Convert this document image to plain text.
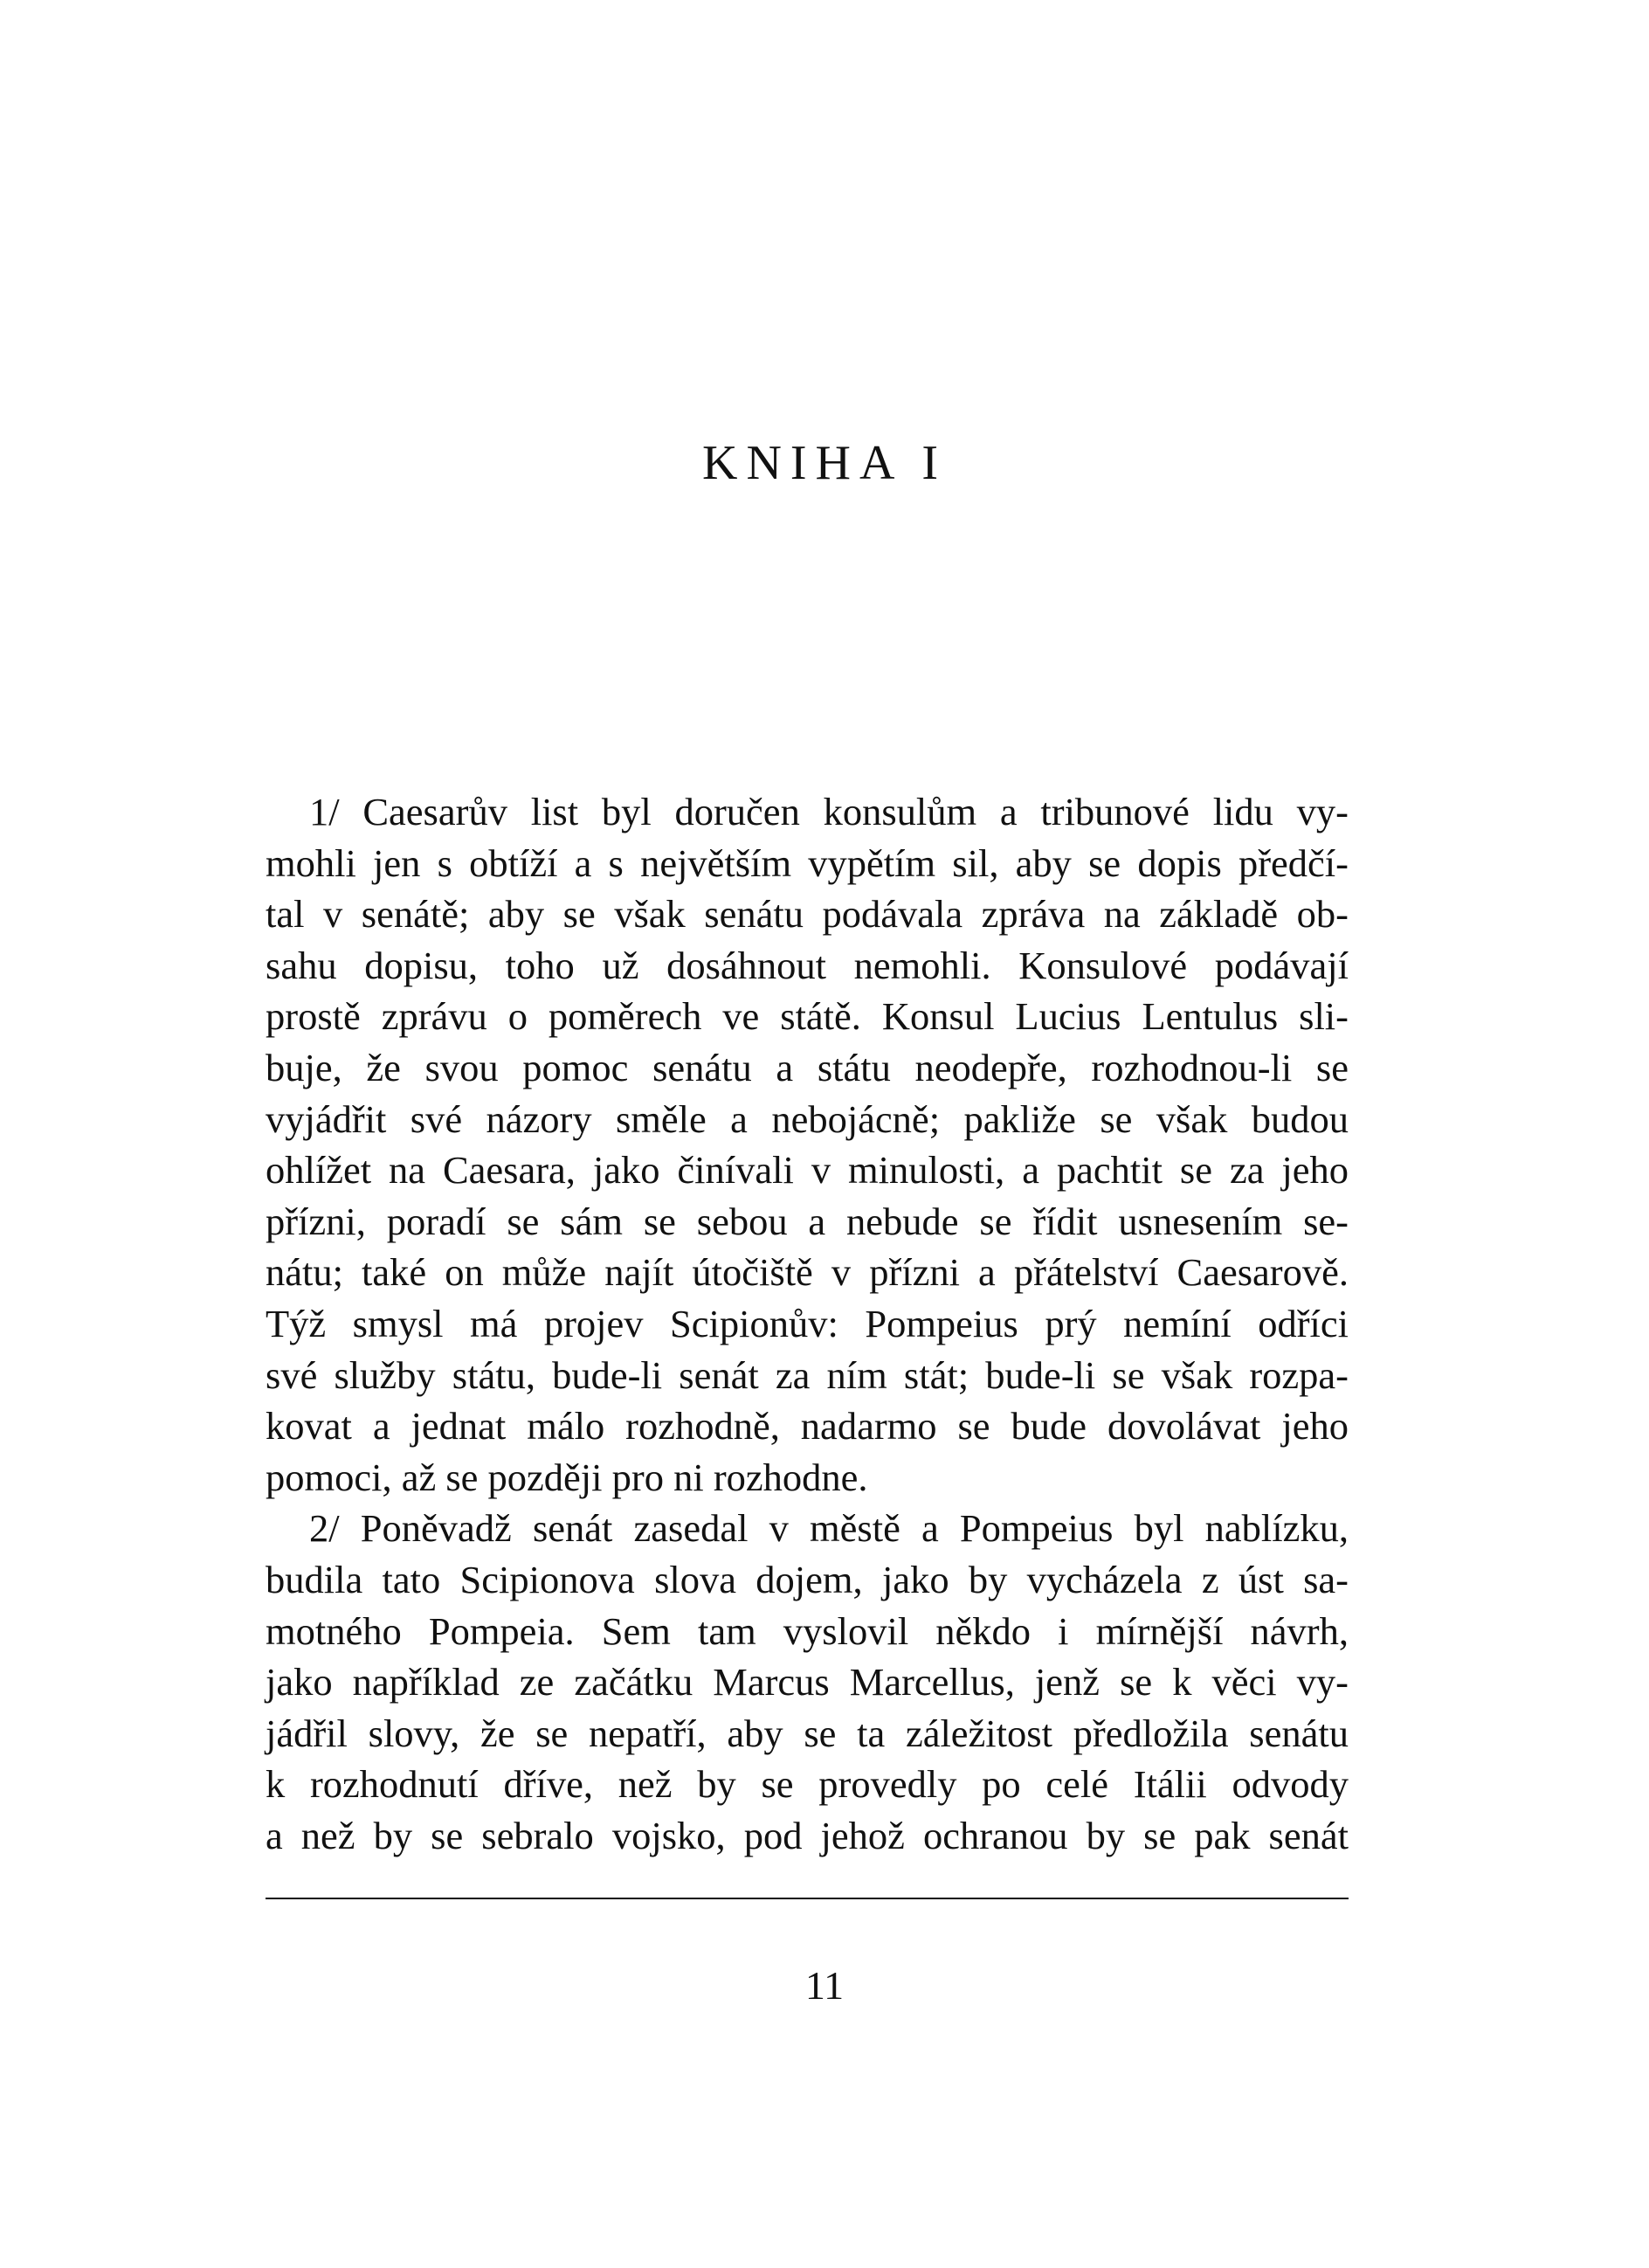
KNIHA I
1/ Caesarův list byl doručen konsulům a tribunové lidu vy-
mohli jen s obtíží a s největším vypětím sil, aby se dopis předčí-
tal v senátě; aby se však senátu podávala zpráva na základě ob-
sahu dopisu, toho už dosáhnout nemohli. Konsulové podávají
prostě zprávu o poměrech ve státě. Konsul Lucius Lentulus sli-
buje, že svou pomoc senátu a státu neodepře, rozhodnou-li se
vyjádřit své názory směle a nebojácně; pakliže se však budou
ohlížet na Caesara, jako činívali v minulosti, a pachtit se za jeho
přízni, poradí se sám se sebou a nebude se řídit usnesením se-
nátu; také on může najít útočiště v přízni a přátelství Caesarově.
Týž smysl má projev Scipionův: Pompeius prý nemíní odříci
své služby státu, bude-li senát za ním stát; bude-li se však rozpa-
kovat a jednat málo rozhodně, nadarmo se bude dovolávat jeho
pomoci, až se později pro ni rozhodne.
2/ Poněvadž senát zasedal v městě a Pompeius byl nablízku,
budila tato Scipionova slova dojem, jako by vycházela z úst sa-
motného Pompeia. Sem tam vyslovil někdo i mírnější návrh,
jako například ze začátku Marcus Marcellus, jenž se k věci vy-
jádřil slovy, že se nepatří, aby se ta záležitost předložila senátu
k rozhodnutí dříve, než by se provedly po celé Itálii odvody
a než by se sebralo vojsko, pod jehož ochranou by se pak senát
11
